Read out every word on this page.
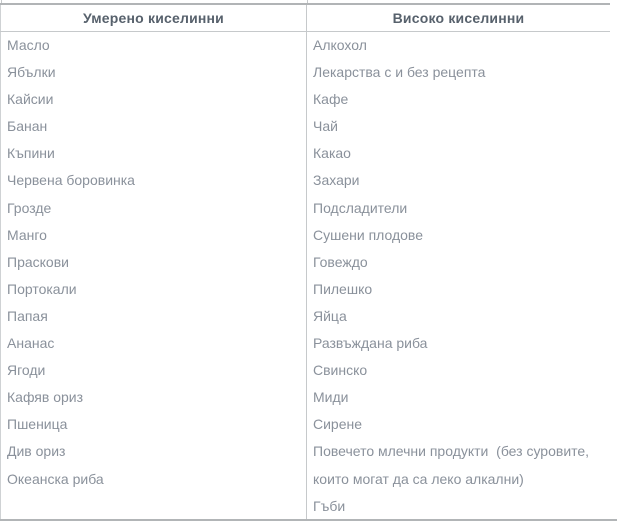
Умерено киселинни	Високо киселинни

Масло

Ябълки

Кайсии

Банан

Къпини

Червена боровинка

Грозде

Манго

Праскови

Портокали

Папая

Ананас

Ягоди

Кафяв ориз

Пшеница

Див ориз

Океанска риба

Алкохол

Лекарства с и без рецепта

Кафе

Чай

Какао

Захари

Подсладители

Сушени плодове

Говеждо

Пилешко

Яйца

Развъждана риба

Свинско

Миди

Сирене

Повечето млечни продукти  (без суровите, които могат да са леко алкални)

Гъби
